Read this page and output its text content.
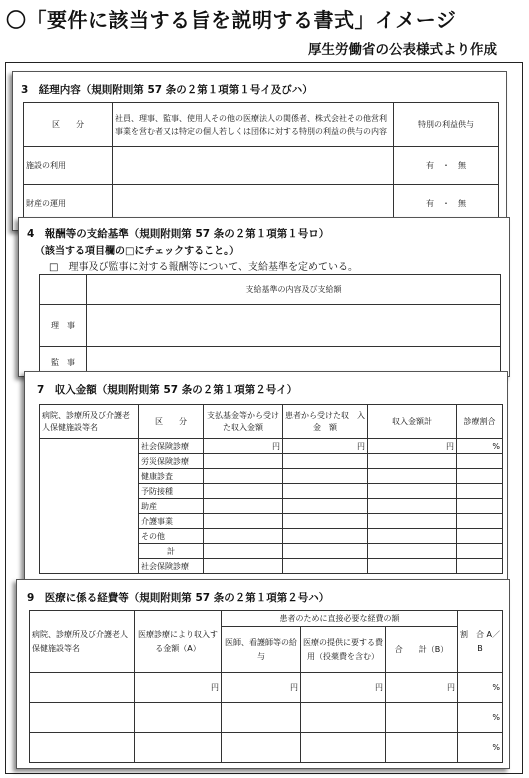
〇「要件に該当する旨を説明する書式」イメージ
厚生労働省の公表様式より作成
3　経理内容（規則附則第 57 条の２第１項第１号イ及びハ）
区　　分	社員、理事、監事、使用人その他の医療法人の関係者、株式会社その他営利事業を営む者又は特定の個人若しくは団体に対する特別の利益の供与の内容	特別の利益供与
施設の利用		有　・　無
財産の運用		有　・　無
4　報酬等の支給基準（規則附則第 57 条の２第１項第１号ロ）
（該当する項目欄の□にチェックすること。）
□　理事及び監事に対する報酬等について、支給基準を定めている。
	支給基準の内容及び支給額
理　事	
監　事	
7　収入金額（規則附則第 57 条の２第１項第２号イ）
病院、診療所及び介護老人保健施設等名	区　　分	支払基金等から受けた収入金額	患者から受けた収　入　金　額	収入金額計	診療割合
	社会保険診療	円	円	円	%
	労災保険診療				
	健康診査				
	予防接種				
	助産				
	介護事業				
	その他				
	計				
	社会保険診療				
9　医療に係る経費等（規則附則第 57 条の２第１項第２号ハ）
病院、診療所及び介護老人保健施設等名	医療診療により収入する金額（A）	患者のために直接必要な経費の額			割　合 A／B
		医師、看護師等の給与	医療の提供に要する費用（投薬費を含む）	合　　計（B）	
	円	円	円	円	%
					%
					%
